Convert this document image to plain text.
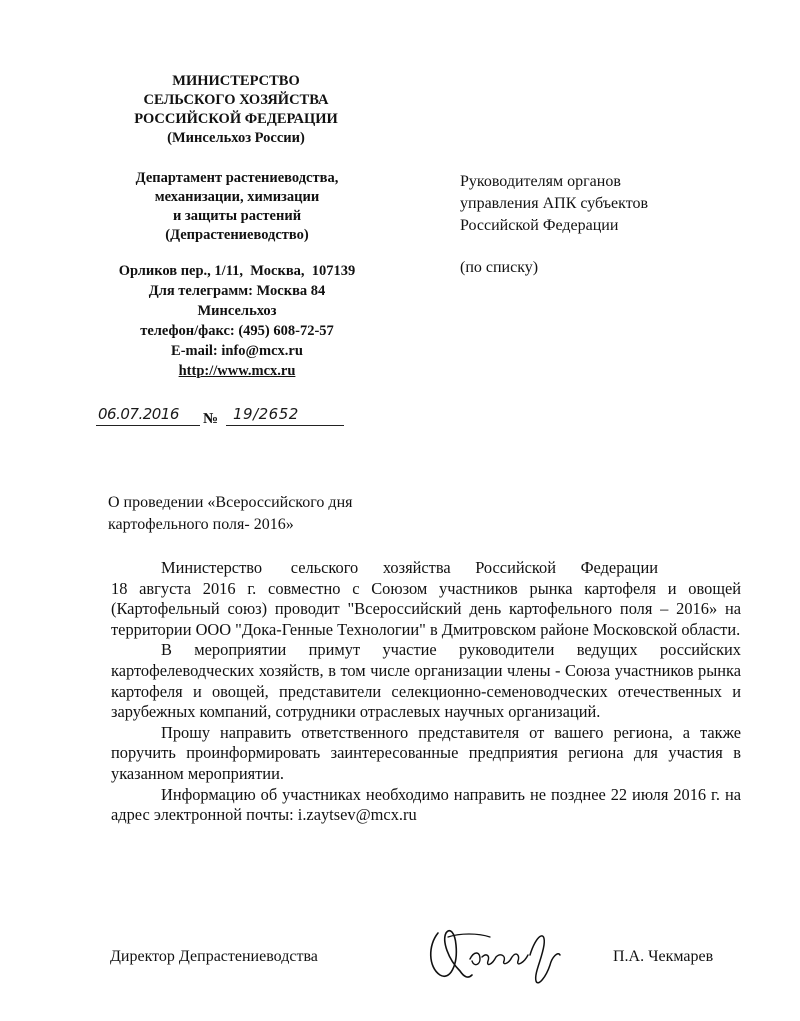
МИНИСТЕРСТВО
СЕЛЬСКОГО ХОЗЯЙСТВА
РОССИЙСКОЙ ФЕДЕРАЦИИ
(Минсельхоз России)
Департамент растениеводства,
механизации, химизации
и защиты растений
(Депрастениеводство)
Орликов пер., 1/11,  Москва,  107139
Для телеграмм: Москва 84
Минсельхоз
телефон/факс: (495) 608-72-57
E-mail: info@mcx.ru
http://www.mcx.ru
06.07.2016 № 19/2652
Руководителям органов
управления АПК субъектов
Российской Федерации
(по списку)
О проведении «Всероссийского дня
картофельного поля- 2016»

Министерство       сельского      хозяйства      Российской      Федерации

18 августа 2016 г. совместно с Союзом участников рынка картофеля и овощей (Картофельный союз) проводит "Всероссийский день картофельного поля – 2016» на территории ООО "Дока-Генные Технологии" в Дмитровском районе Московской области.

В мероприятии примут участие руководители ведущих российских картофелеводческих хозяйств, в том числе организации члены - Союза участников рынка картофеля и овощей, представители селекционно-семеноводческих отечественных и зарубежных компаний, сотрудники отраслевых научных организаций.

Прошу направить ответственного представителя от вашего региона, а также поручить проинформировать заинтересованные предприятия региона для участия в указанном мероприятии.

Информацию об участниках необходимо направить не позднее 22 июля 2016 г. на адрес электронной почты: i.zaytsev@mcx.ru

Директор Депрастениеводства	П.А. Чекмарев
